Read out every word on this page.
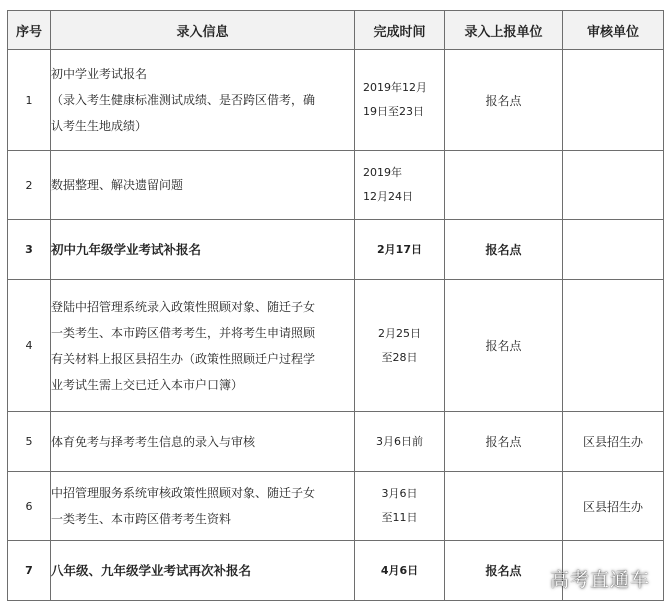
序号	录入信息	完成时间	录入上报单位	审核单位
1	初中学业考试报名
（录入考生健康标准测试成绩、是否跨区借考，确
认考生生地成绩）	2019年12月
19日至23日	报名点	
2	数据整理、解决遗留问题	2019年
12月24日		

3	初中九年级学业考试补报名	2月17日	报名点	
4	登陆中招管理系统录入政策性照顾对象、随迁子女
一类考生、本市跨区借考考生，并将考生申请照顾
有关材料上报区县招生办（政策性照顾迁户过程学
业考试生需上交已迁入本市户口簿）	2月25日
至28日	报名点	
5	体育免考与择考考生信息的录入与审核	3月6日前	报名点	区县招生办
6	中招管理服务系统审核政策性照顾对象、随迁子女
一类考生、本市跨区借考考生资料	3月6日
至11日		区县招生办
7	八年级、九年级学业考试再次补报名	4月6日	报名点	高考直通车
